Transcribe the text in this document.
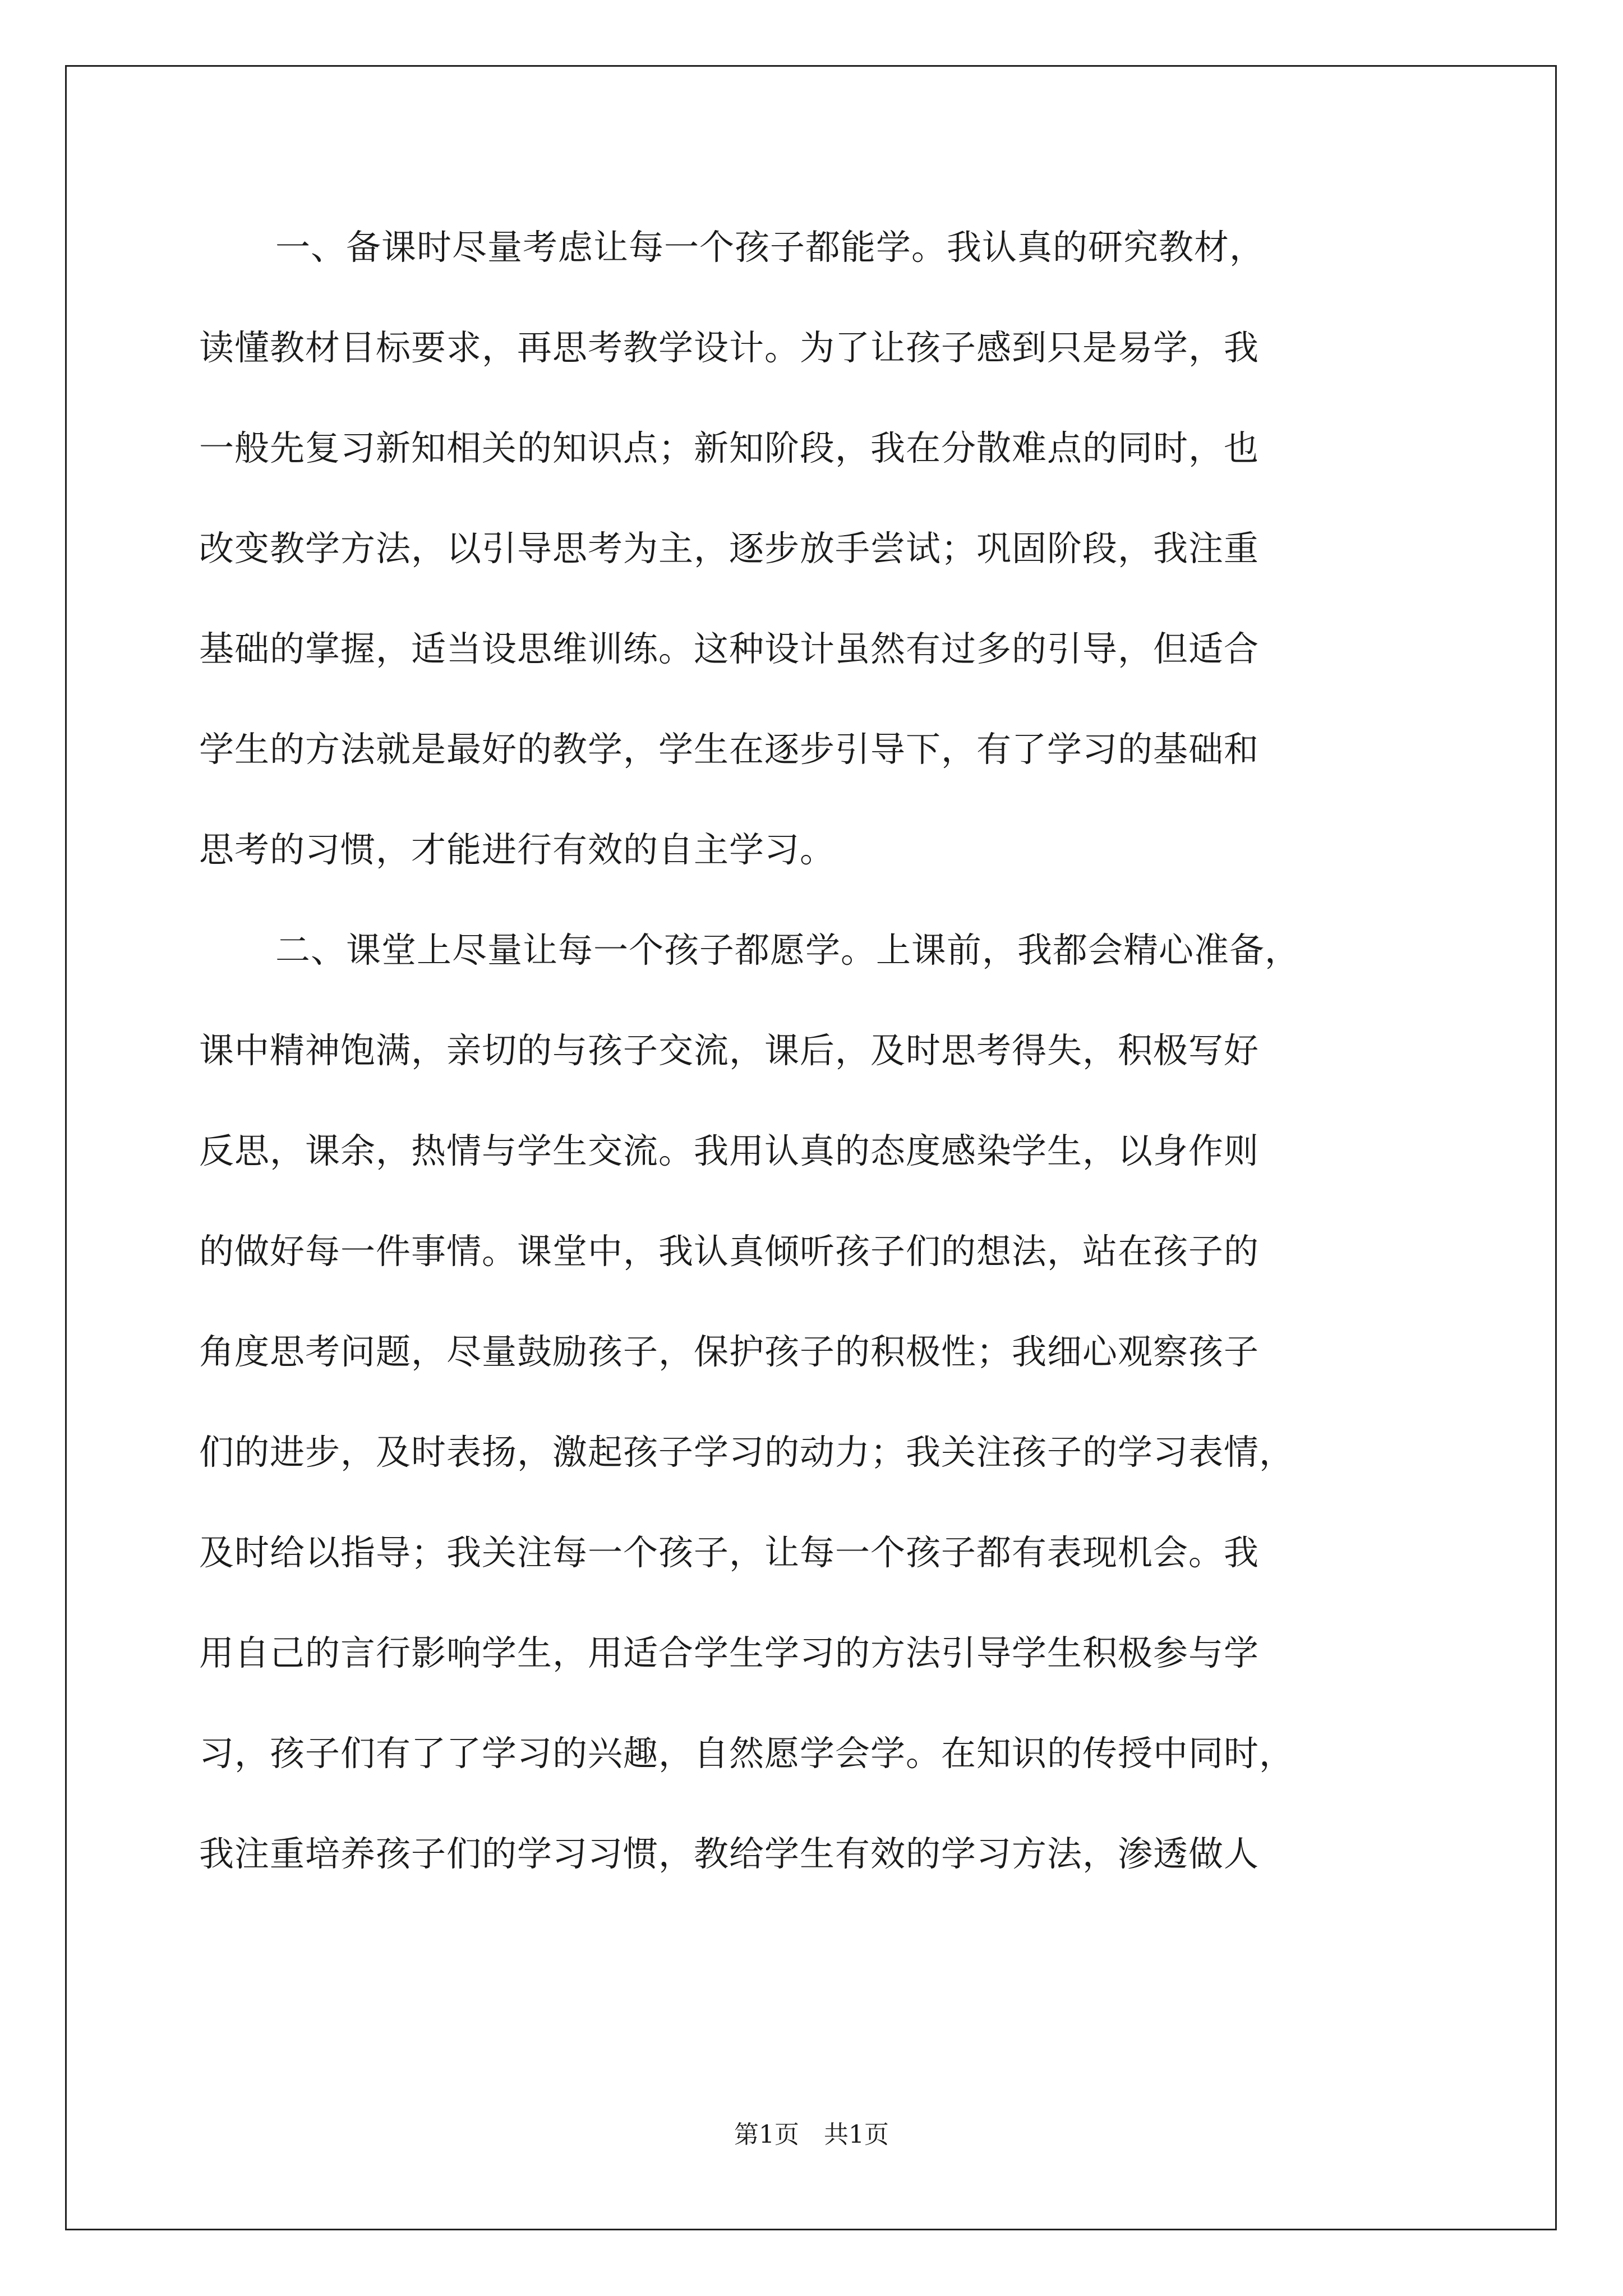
一、备课时尽量考虑让每一个孩子都能学。我认真的研究教材，
读懂教材目标要求，再思考教学设计。为了让孩子感到只是易学，我
一般先复习新知相关的知识点；新知阶段，我在分散难点的同时，也
改变教学方法，以引导思考为主，逐步放手尝试；巩固阶段，我注重
基础的掌握，适当设思维训练。这种设计虽然有过多的引导，但适合
学生的方法就是最好的教学，学生在逐步引导下，有了学习的基础和
思考的习惯，才能进行有效的自主学习。
二、课堂上尽量让每一个孩子都愿学。上课前，我都会精心准备，
课中精神饱满，亲切的与孩子交流，课后，及时思考得失，积极写好
反思，课余，热情与学生交流。我用认真的态度感染学生，以身作则
的做好每一件事情。课堂中，我认真倾听孩子们的想法，站在孩子的
角度思考问题，尽量鼓励孩子，保护孩子的积极性；我细心观察孩子
们的进步，及时表扬，激起孩子学习的动力；我关注孩子的学习表情，
及时给以指导；我关注每一个孩子，让每一个孩子都有表现机会。我
用自己的言行影响学生，用适合学生学习的方法引导学生积极参与学
习，孩子们有了了学习的兴趣，自然愿学会学。在知识的传授中同时，
我注重培养孩子们的学习习惯，教给学生有效的学习方法，渗透做人
第1页 共1页
